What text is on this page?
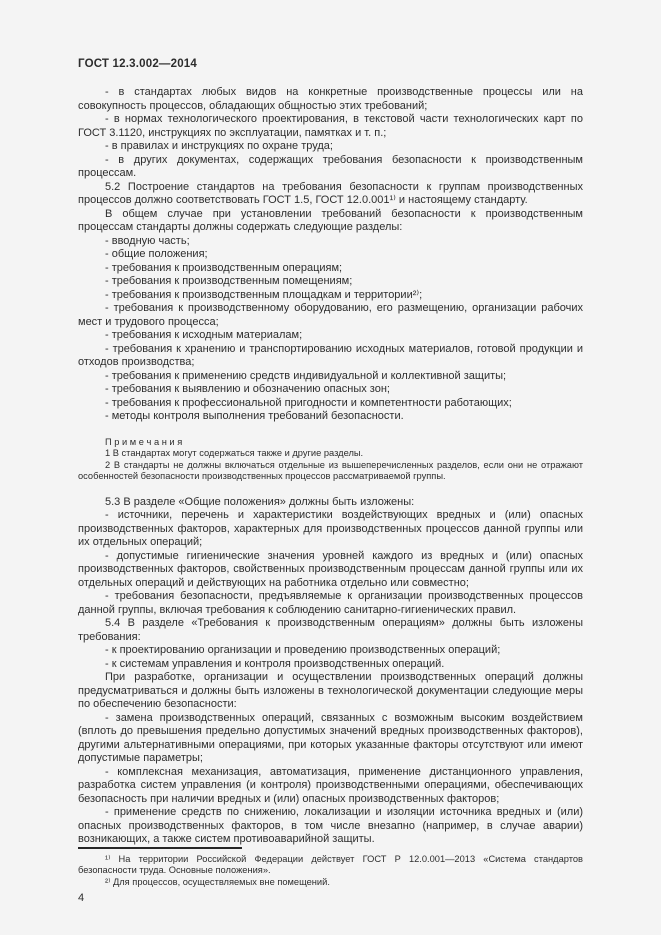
ГОСТ 12.3.002—2014

- в стандартах любых видов на конкретные производственные процессы или на совокупность процессов, обладающих общностью этих требований;

- в нормах технологического проектирования, в текстовой части технологических карт по ГОСТ 3.1120, инструкциях по эксплуатации, памятках и т. п.;

- в правилах и инструкциях по охране труда;

- в других документах, содержащих требования безопасности к производственным процессам.

5.2 Построение стандартов на требования безопасности к группам производственных процессов должно соответствовать ГОСТ 1.5, ГОСТ 12.0.001¹⁾ и настоящему стандарту.

В общем случае при установлении требований безопасности к производственным процессам стандарты должны содержать следующие разделы:

- вводную часть;

- общие положения;

- требования к производственным операциям;

- требования к производственным помещениям;

- требования к производственным площадкам и территории²⁾;

- требования к производственному оборудованию, его размещению, организации рабочих мест и трудового процесса;

- требования к исходным материалам;

- требования к хранению и транспортированию исходных материалов, готовой продукции и отходов производства;

- требования к применению средств индивидуальной и коллективной защиты;

- требования к выявлению и обозначению опасных зон;

- требования к профессиональной пригодности и компетентности работающих;

- методы контроля выполнения требований безопасности.

П р и м е ч а н и я

1 В стандартах могут содержаться также и другие разделы.

2 В стандарты не должны включаться отдельные из вышеперечисленных разделов, если они не отражают особенностей безопасности производственных процессов рассматриваемой группы.

5.3 В разделе «Общие положения» должны быть изложены:

- источники, перечень и характеристики воздействующих вредных и (или) опасных производственных факторов, характерных для производственных процессов данной группы или их отдельных операций;

- допустимые гигиенические значения уровней каждого из вредных и (или) опасных производственных факторов, свойственных производственным процессам данной группы или их отдельных операций и действующих на работника отдельно или совместно;

- требования безопасности, предъявляемые к организации производственных процессов данной группы, включая требования к соблюдению санитарно-гигиенических правил.

5.4 В разделе «Требования к производственным операциям» должны быть изложены требования:

- к проектированию организации и проведению производственных операций;

- к системам управления и контроля производственных операций.

При разработке, организации и осуществлении производственных операций должны предусматриваться и должны быть изложены в технологической документации следующие меры по обеспечению безопасности:

- замена производственных операций, связанных с возможным высоким воздействием (вплоть до превышения предельно допустимых значений вредных производственных факторов), другими альтернативными операциями, при которых указанные факторы отсутствуют или имеют допустимые параметры;

- комплексная механизация, автоматизация, применение дистанционного управления, разработка систем управления (и контроля) производственными операциями, обеспечивающих безопасность при наличии вредных и (или) опасных производственных факторов;

- применение средств по снижению, локализации и изоляции источника вредных и (или) опасных производственных факторов, в том числе внезапно (например, в случае аварии) возникающих, а также систем противоаварийной защиты.

¹⁾ На территории Российской Федерации действует ГОСТ Р 12.0.001—2013 «Система стандартов безопасности труда. Основные положения».

²⁾ Для процессов, осуществляемых вне помещений.

4
